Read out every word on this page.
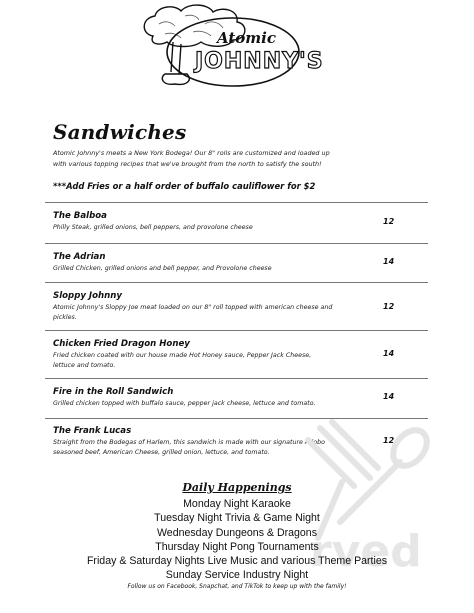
Atomic
JOHNNY'S
Sandwiches
Atomic Johnny's meets a New York Bodega! Our 8" rolls are customized and loaded up with various topping recipes that we've brought from the north to satisfy the south!
***Add Fries or a half order of buffalo cauliflower for $2
The Balboa
Philly Steak, grilled onions, bell peppers, and provolone cheese
12
The Adrian
Grilled Chicken, grilled onions and bell pepper, and Provolone cheese
14
Sloppy Johnny
Atomic Johnny's Sloppy Joe meat loaded on our 8" roll topped with american cheese and pickles.
12
Chicken Fried Dragon Honey
Fried chicken coated with our house made Hot Honey sauce, Pepper Jack Cheese, lettuce and tomato.
14
Fire in the Roll Sandwich
Grilled chicken topped with buffalo sauce, pepper jack cheese, lettuce and tomato.
14
The Frank Lucas
Straight from the Bodegas of Harlem, this sandwich is made with our signature Adobo seasoned beef, American Cheese, grilled onion, lettuce, and tomato.
12
rved
Daily Happenings
Monday Night Karaoke
Tuesday Night Trivia & Game Night
Wednesday Dungeons & Dragons
Thursday Night Pong Tournaments
Friday & Saturday Nights Live Music and various Theme Parties
Sunday Service Industry Night
Follow us on Facebook, Snapchat, and TikTok to keep up with the family!
